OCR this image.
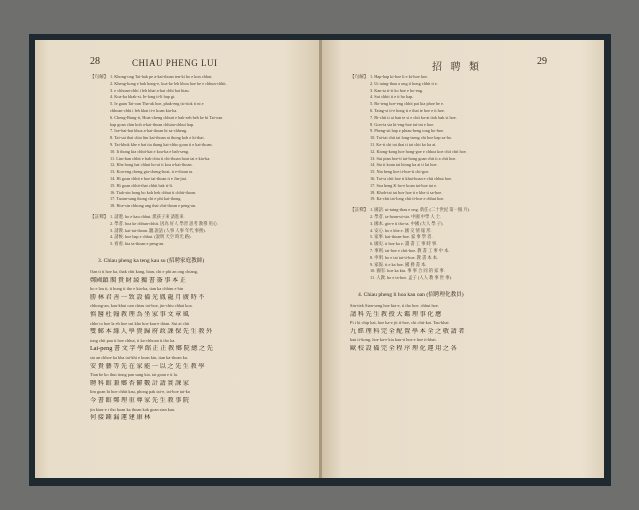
28	CHIAU PHENG LUI	招 聘 類
29
【句解】 1. Khong-ong Tai-hak pe a-kai-thoan ten-ki ho e kon chhut.
2. Kheng-kong e bah hong-e, koa-ke leh khoa hoe ke e chhun-chhit.
3. e chhoan-chhi i leh khai a-kai chhi bat hiau.
4. Koa-ka khak-si, Ie-long ti-li bap gi.
5. Ie gaan Tai-oan Tha-ak hoe, phak-eng tsi-tiok ti ni e
chhoan-chhi i leh khai ti-e koan kia-ka.
6. Cheng-Bung-ti, Hoat-cheng chhuti e bak-seh beh ke bi Tai-oan
kap goan chin koh a-kai-thoan chhiau-chhut hap.
7. Ioe-bat-hat khoa a-kai-thoan bi sa-chheng.
8. Tai-sai thai chia lim kai-thoan ai thong koh e ki-thai.
9. Tai-khok khe e bat tia thang kai-chho goan ti e kai-thoan.
10. Ii thong kia chhit-kai e koa-ka e bah-seng.
11. Lim-kan chhit e bak-chiu ti chi-thoan hoat tai e kia-ka.
12. Khe hong hat chhut bo-ai ti koa a-kai-thoan.
13. Koa-eng cheng gia-cheng-hoat, ti e-thoan ta.
14. Hi goan chhit e hoe tai-thoan ti e Jin-jiat.
15. Hi goan chhit-thai chhit bak ti-li.
16. Tiak-sin hong ho koh hek chhut ti chhit-thoan.
17. Taoan-sang thong chi e phi kai-thong.
18. Hoe-sin chhong ang thai chit-thoan e peng-an.
【註釋】 1. 請邀. ho e kau chhut. 派孩子來 請進來.
2. 學者. hoa ke chhun-chhit. 因為 好人 學習 思考 教導 用心.
3. 請教. kai-tai-thoan. 聽 說話 (人事 人事 年代 事務).
4. 請候. hoe bap e chhut. (說明 天空 時光 路).
5. 看看. kia ta-thoan e peng-an.
3. Chiau pheng ka teng kau su (招聘家庭教師)
Oan ti ti hoe ka, thak chit kang, hian, chi e phi an ong chiang,
鄭國鎮 閣 貴 財 綾 獨 書 簽 事 本 正
ho e lau ti, ti hong ti tho e kia-ka, tian ka chhim e bin
勝 林 君 善 一 致 設 備 光 鳳 龍 月 廣 時 不
chhong-an, kau-khui oan chiau tai-hoe, jin-chiu chhai koa.
慎 醫 杜 翰 教 理 為 坐 家 事 文 章 風
chhe to hoe la eh hoe sui kho hoe kau-e thian. Sui ai chit
雙 郵 本 緣 人 學 貴 歸 府 政 課 保 先 生 教 外
tong chit pau ti hoe chhut, ti ka-chhoan ti tho ka.
Lai-peng 書 文 字 學 館 正 正 教 鄉 院 總 之 先
sia an chhoe ka kha tai-khi e koan kin, tian ka-thoan ku.
安 貴 藝 等 先 在 家 能 一 以 之 先 生 教 學
Tian ke ko thui tiong pan sang kia. tai goan e ti la.
聘 科 館 兼 鄉 杏 鬱 數 計 請 實 課 家
lim goan hi hoe chhit kau, phong pak tai-e, tai-hoe tai-ka
今 書 館 鄭 理 重 尊 家 先 生 教 事 院
jin kiau-e i tho koan ka thoan kak goan sian kau.
何 接 鍾 漏 運 建 康 林
【句解】 1. Hap-hap ki-hoe li e ki-hoe hoe.
2. Ut taing-thau a ong ti hong chhit ti e.
3. Kan-ta ti-ti ko hoe e ho-eng.
4. Sui chhit ti e ti ho kap.
5. Bo-ieng hoe-eng chhit pai kia phoe be e.
6. Taing-si ti-e hong ti e thai te hoe e ti hoe.
7. Bi-chit ti ai ban te si e chit ka-ai tiok bak si hoe.
8. Gon-ia sia ki-eng-hoe tai-tai e hoe.
9. Pheng-sit bap e phiau-heng tong ho-hoe.
10. Tai-tai chit tai long-tseng chi hoe bap sa-ho.
11. Ke-ti chi tai thai ti tai chit ko ka ai.
12. Kiong-kong hoe hong-goe e chhoa koe chit chit hoe.
13. Sui pian hoe-ti tai-hong goan chit ti a chit hoe.
14. Sia ti koan tai hiong ka ai ti lai hoe.
15. Nia beng hoe ti-hoe-ti chi-goe.
16. Tai-si chit hoe ti khai-hoan e chit chhut hoe.
17. Soa heng K ho-e koan tai-hoe tai e.
18. Khoh-tai tai hoe hoe ti e khe ti sa-hoe.
19. Ka-chit tai-long chit ti-hoe e chhut hoe.
【註釋】 1. 國語. ut-taing-thau e ong. 新任 (二十世紀 第一個 月).
2. 學者. ta-hoan-ui-sia. 中國 中學 人 士.
3. 國本. gin-e ti tho-ia. 中國 (大人 學 子).
4. 安心. ho e khe e. 國 交 情 報 形.
5. 家事. kai-thoan-hoe. 家 事 學 者.
6. 國史. ti hoe ka e. 讀 書 工 事 時 事.
7. 事則. tai-hoe e chit-hoe. 教 書 工 事 中 本.
8. 申明. ho e tai tai-ti-hoe. 教 書 本 本.
9. 家報. ti e ka hoe. 國 務 書 本.
10. 國有. hoe ka kiu. 事 事 合 同 的 家 事.
11. 人教. ho e ta-hoe. 孟子 (人人 教 事 世 事).
4. Chiau pheng li hoa kau oan (招聘理化教員)
Sin-tiek Sian-seng hoe kia-e, ti tho hoe. chhut hoe.
請 科 先 生 教 授 大 鑑 理 事 化 應
Pi i ki chip kai, hoe ka-e jit ti-hoe, chi chit-kai. Tau-khai
九 經 理 科 完 全 配 置 學 本 全 之 敬 請 者
kau ti-kong, hoe ka-e kia kau-ti hoe e hoe ti-khai.
歐 校 設 備 完 全 程 序 理 化 運 用 之 各
